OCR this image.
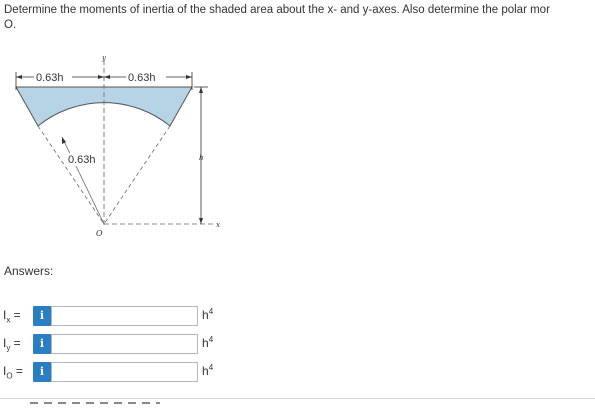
Determine the moments of inertia of the shaded area about the x- and y-axes. Also determine the polar mor
O.
0.63h	0.63h
h
0.63h
y
x
O
Answers:
$I_x$ =	i	$h^4$
$I_y$ =	i	$h^4$
$I_O$ =	i	$h^4$
